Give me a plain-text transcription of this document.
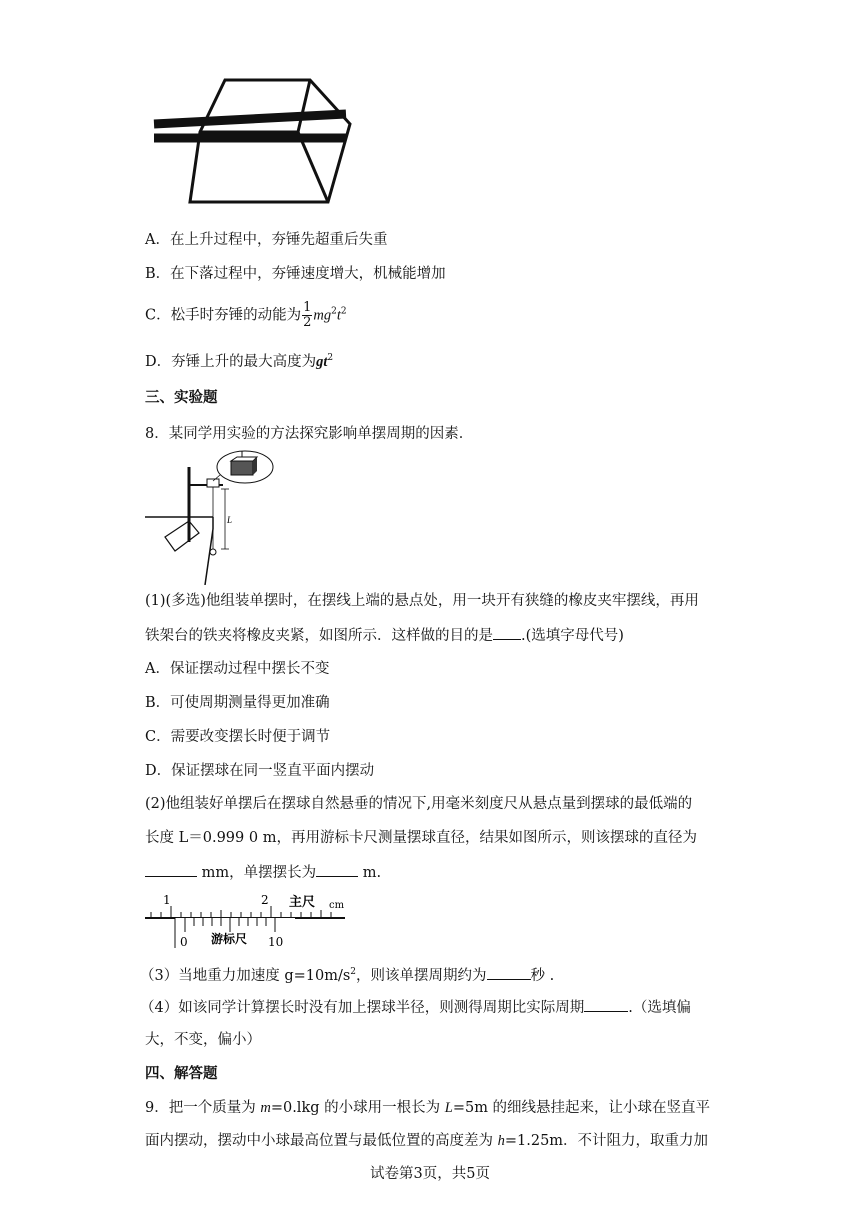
A．在上升过程中，夯锤先超重后失重
B．在下落过程中，夯锤速度增大，机械能增加
C．松手时夯锤的动能为 $\frac{1}{2} mg^2t^2$
D．夯锤上升的最大高度为$gt^2$
三、实验题
8．某同学用实验的方法探究影响单摆周期的因素．
L
(1)(多选)他组装单摆时，在摆线上端的悬点处，用一块开有狭缝的橡皮夹牢摆线，再用
铁架台的铁夹将橡皮夹紧，如图所示．这样做的目的是 .(选填字母代号)
A．保证摆动过程中摆长不变
B．可使周期测量得更加准确
C．需要改变摆长时便于调节
D．保证摆球在同一竖直平面内摆动
(2)他组装好单摆后在摆球自然悬垂的情况下,用毫米刻度尺从悬点量到摆球的最低端的
长度 L＝0.999 0 m，再用游标卡尺测量摆球直径，结果如图所示，则该摆球的直径为
mm，单摆摆长为	m.
1	2 主尺 cm
0 游标尺 10
（3）当地重力加速度 $g=10m/s^2$，则该单摆周期约为	秒 .
（4）如该同学计算摆长时没有加上摆球半径，则测得周期比实际周期	.（选填偏
大，不变，偏小）
四、解答题
9．把一个质量为 m=0.lkg 的小球用一根长为 L=5m 的细线悬挂起来，让小球在竖直平
面内摆动，摆动中小球最高位置与最低位置的高度差为 h=1.25m．不计阻力，取重力加
试卷第3页，共5页
